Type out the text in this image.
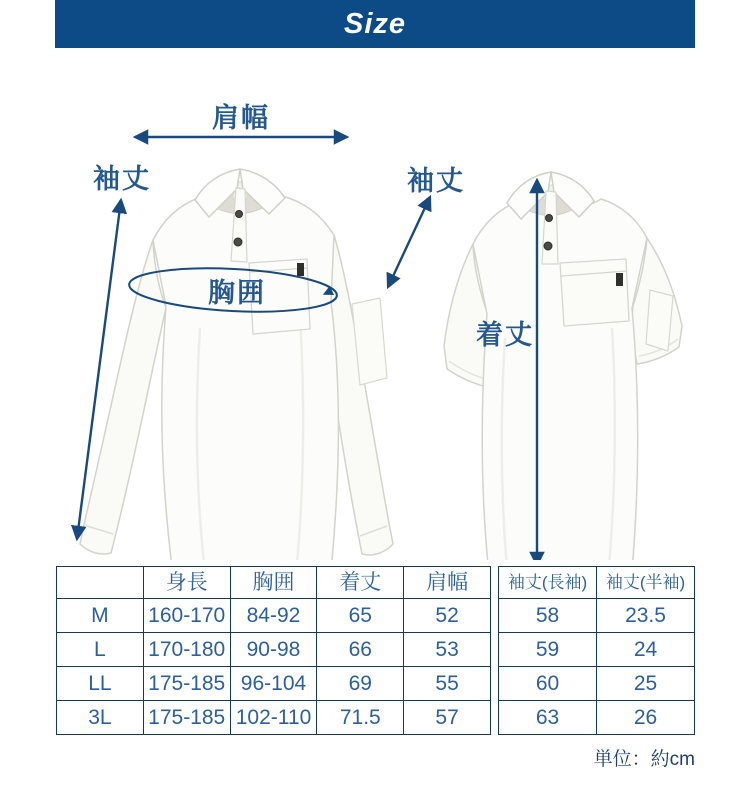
Size
肩幅
袖丈	袖丈
胸囲
着丈
	身長	胸囲	着丈	肩幅
M	160-170	84-92	65	52
L	170-180	90-98	66	53
LL	175-185	96-104	69	55
3L	175-185	102-110	71.5	57
袖丈(長袖)	袖丈(半袖)
58	23.5
59	24
60	25
63	26
単位：約cm
